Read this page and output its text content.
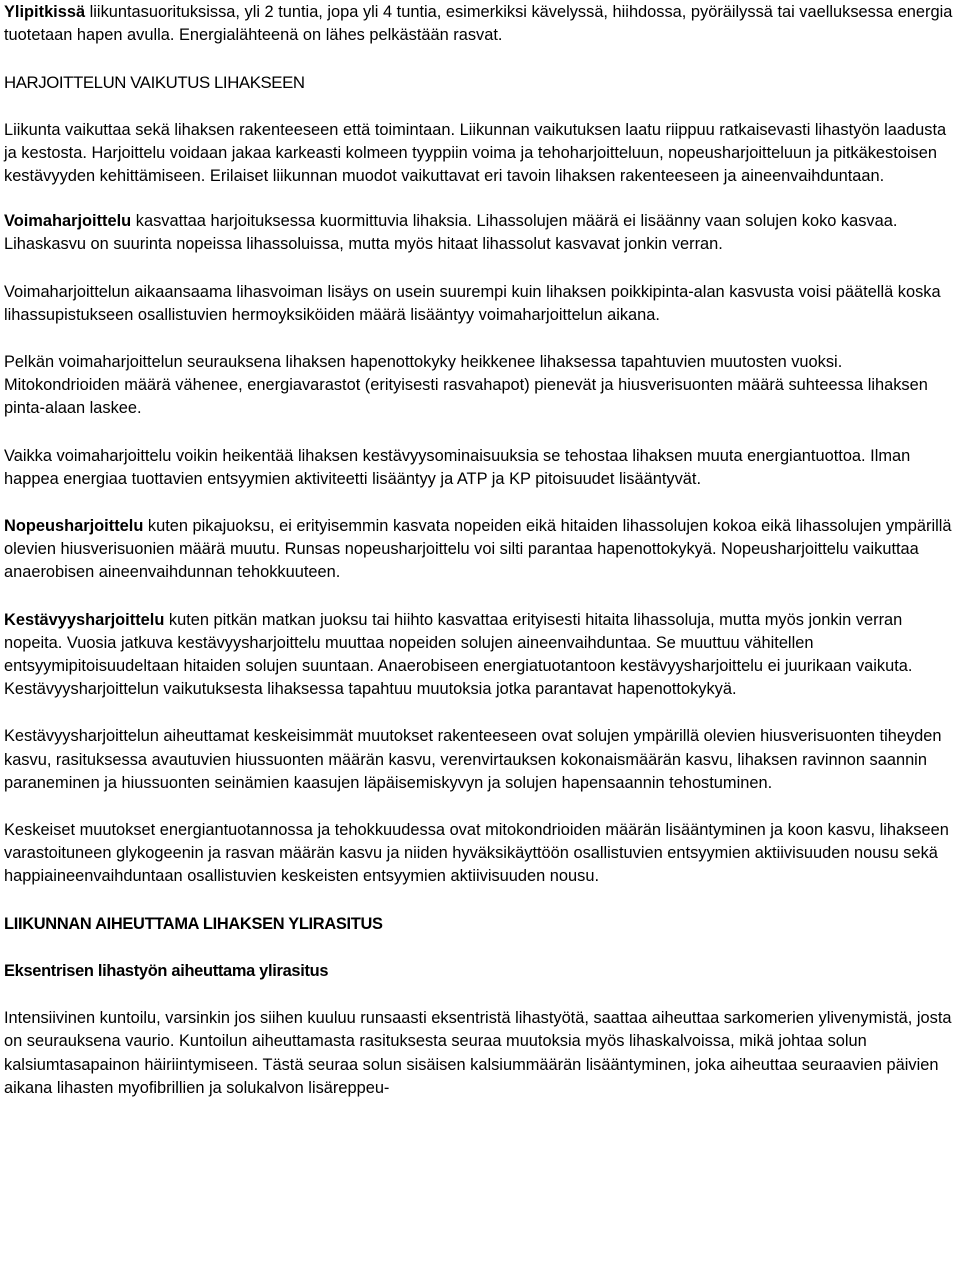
Ylipitkissä liikuntasuorituksissa, yli 2 tuntia, jopa yli 4 tuntia, esimerkiksi kävelyssä, hiihdossa, pyöräilyssä tai vaelluksessa energia tuotetaan hapen avulla. Energialähteenä on lähes pelkästään rasvat.

HARJOITTELUN VAIKUTUS LIHAKSEEN

Liikunta vaikuttaa sekä lihaksen rakenteeseen että toimintaan. Liikunnan vaikutuksen laatu riippuu ratkaisevasti lihastyön laadusta ja kestosta. Harjoittelu voidaan jakaa karkeasti kolmeen tyyppiin voima ja tehoharjoitteluun, nopeusharjoitteluun ja pitkäkestoisen kestävyyden kehittämiseen. Erilaiset liikunnan muodot vaikuttavat eri tavoin lihaksen rakenteeseen ja aineenvaihduntaan.

Voimaharjoittelu kasvattaa harjoituksessa kuormittuvia lihaksia. Lihassolujen määrä ei lisäänny vaan solujen koko kasvaa. Lihaskasvu on suurinta nopeissa lihassoluissa, mutta myös hitaat lihassolut kasvavat jonkin verran.

Voimaharjoittelun aikaansaama lihasvoiman lisäys on usein suurempi kuin lihaksen poikkipinta-alan kasvusta voisi päätellä koska lihassupistukseen osallistuvien hermoyksiköiden määrä lisääntyy voimaharjoittelun aikana.

Pelkän voimaharjoittelun seurauksena lihaksen hapenottokyky heikkenee lihaksessa tapahtuvien muutosten vuoksi. Mitokondrioiden määrä vähenee, energiavarastot (erityisesti rasvahapot) pienevät ja hiusverisuonten määrä suhteessa lihaksen pinta-alaan laskee.

Vaikka voimaharjoittelu voikin heikentää lihaksen kestävyysominaisuuksia se tehostaa lihaksen muuta energiantuottoa. Ilman happea energiaa tuottavien entsyymien aktiviteetti lisääntyy ja ATP ja KP pitoisuudet lisääntyvät.

Nopeusharjoittelu kuten pikajuoksu, ei erityisemmin kasvata nopeiden eikä hitaiden lihassolujen kokoa eikä lihassolujen ympärillä olevien hiusverisuonien määrä muutu. Runsas nopeusharjoittelu voi silti parantaa hapenottokykyä. Nopeusharjoittelu vaikuttaa anaerobisen aineenvaihdunnan tehokkuuteen.

Kestävyysharjoittelu kuten pitkän matkan juoksu tai hiihto kasvattaa erityisesti hitaita lihassoluja, mutta myös jonkin verran nopeita. Vuosia jatkuva kestävyysharjoittelu muuttaa nopeiden solujen aineenvaihduntaa. Se muuttuu vähitellen entsyymipitoisuudeltaan hitaiden solujen suuntaan. Anaerobiseen energiatuotantoon kestävyysharjoittelu ei juurikaan vaikuta. Kestävyysharjoittelun vaikutuksesta lihaksessa tapahtuu muutoksia jotka parantavat hapenottokykyä.

Kestävyysharjoittelun aiheuttamat keskeisimmät muutokset rakenteeseen ovat solujen ympärillä olevien hiusverisuonten tiheyden kasvu, rasituksessa avautuvien hiussuonten määrän kasvu, verenvirtauksen kokonaismäärän kasvu, lihaksen ravinnon saannin paraneminen ja hiussuonten seinämien kaasujen läpäisemiskyvyn ja solujen hapensaannin tehostuminen.

Keskeiset muutokset energiantuotannossa ja tehokkuudessa ovat mitokondrioiden määrän lisääntyminen ja koon kasvu, lihakseen varastoituneen glykogeenin ja rasvan määrän kasvu ja niiden hyväksikäyttöön osallistuvien entsyymien aktiivisuuden nousu sekä happiaineenvaihduntaan osallistuvien keskeisten entsyymien aktiivisuuden nousu.

LIIKUNNAN AIHEUTTAMA LIHAKSEN YLIRASITUS

Eksentrisen lihastyön aiheuttama ylirasitus

Intensiivinen kuntoilu, varsinkin jos siihen kuuluu runsaasti eksentristä lihastyötä, saattaa aiheuttaa sarkomerien ylivenymistä, josta on seurauksena vaurio. Kuntoilun aiheuttamasta rasituksesta seuraa muutoksia myös lihaskalvoissa, mikä johtaa solun kalsiumtasapainon häiriintymiseen. Tästä seuraa solun sisäisen kalsiummäärän lisääntyminen, joka aiheuttaa seuraavien päivien aikana lihasten myofibrillien ja solukalvon lisäreppeu-
